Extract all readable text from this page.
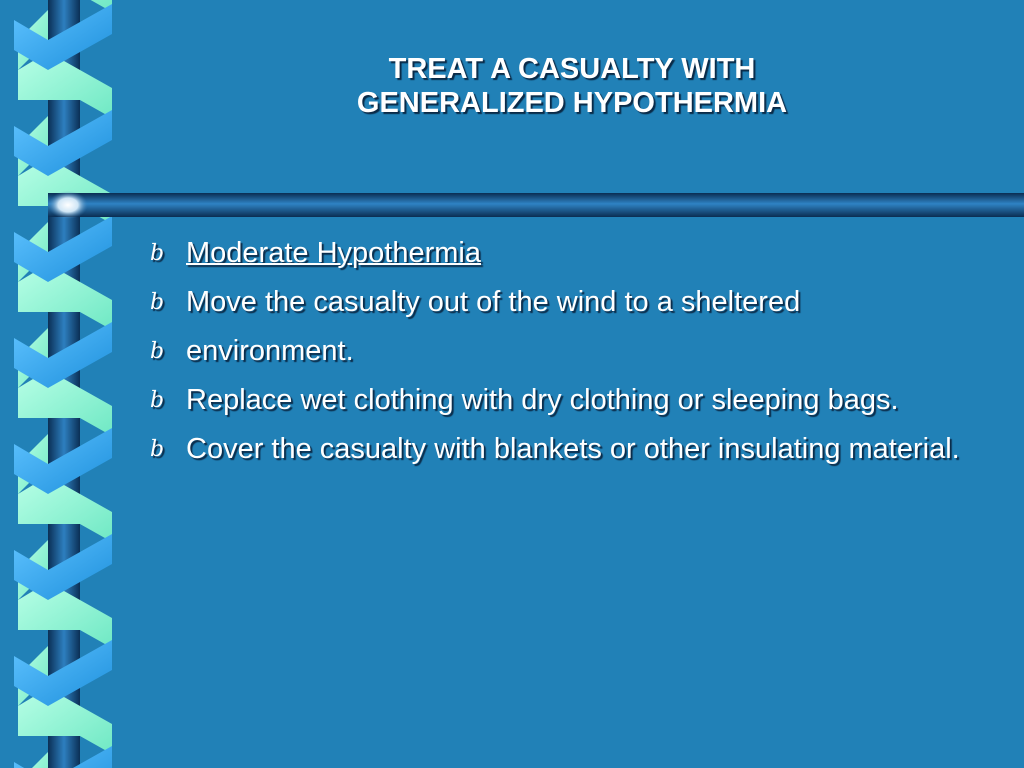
TREAT A CASUALTY WITH
GENERALIZED HYPOTHERMIA
b Moderate Hypothermia
b Move the casualty out of the wind to a sheltered
b environment.
b Replace wet clothing with dry clothing or sleeping bags.
b Cover the casualty with blankets or other insulating material.
